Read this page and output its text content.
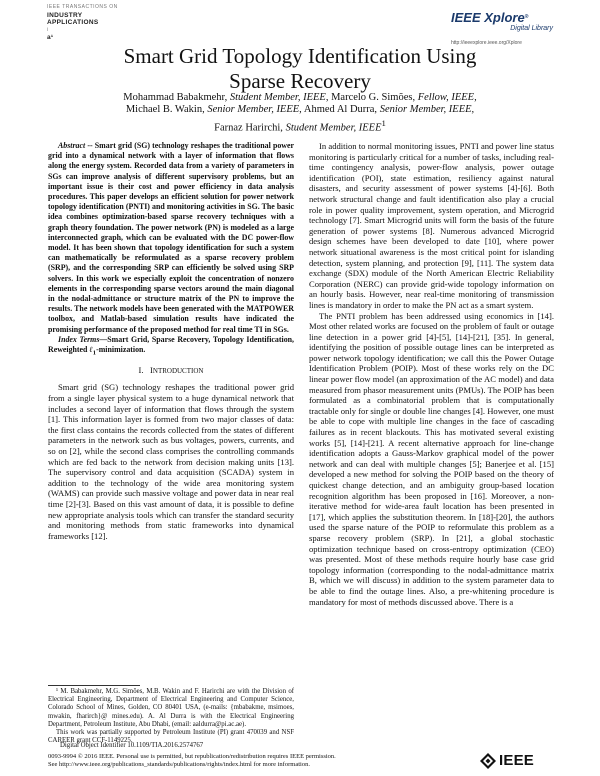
IEEE TRANSACTIONS ON
INDUSTRY
APPLICATIONS
i
a¹
IEEE Xplore®
Digital Library
http://ieeexplore.ieee.org/Xplore
Smart Grid Topology Identification Using
Sparse Recovery
Mohammad Babakmehr, Student Member, IEEE, Marcelo G. Simões, Fellow, IEEE,
Michael B. Wakin, Senior Member, IEEE, Ahmed Al Durra, Senior Member, IEEE,
Farnaz Harirchi, Student Member, IEEE$^1$

Abstract -- Smart grid (SG) technology reshapes the traditional power grid into a dynamical network with a layer of information that flows along the energy system. Recorded data from a variety of parameters in SGs can improve analysis of different supervisory problems, but an important issue is their cost and power efficiency in data analysis procedures. This paper develops an efficient solution for power network topology identification (PNTI) and monitoring activities in SG. The basic idea combines optimization-based sparse recovery techniques with a graph theory foundation. The power network (PN) is modeled as a large interconnected graph, which can be evaluated with the DC power-flow model. It has been shown that topology identification for such a system can mathematically be reformulated as a sparse recovery problem (SRP), and the corresponding SRP can efficiently be solved using SRP solvers. In this work we especially exploit the concentration of nonzero elements in the corresponding sparse vectors around the main diagonal in the nodal-admittance or structure matrix of the PN to improve the results. The network models have been generated with the MATPOWER toolbox, and Matlab-based simulation results have indicated the promising performance of the proposed method for real time TI in SGs.

Index Terms—Smart Grid, Sparse Recovery, Topology Identification, Reweighted ℓ$_1$-minimization.

I. INTRODUCTION

Smart grid (SG) technology reshapes the traditional power grid from a single layer physical system to a huge dynamical network that includes a second layer of information that flows through the system [1]. This information layer is formed from two major classes of data: the first class contains the records collected from the states of different parameters in the network such as bus voltages, powers, currents, and so on [2], while the second class comprises the controlling commands which are fed back to the network from decision making units [13]. The supervisory control and data acquisition (SCADA) system in addition to the technology of the wide area monitoring system (WAMS) can provide such massive voltage and power data in near real time [2]-[3]. Based on this vast amount of data, it is possible to define new appropriate analysis tools which can transfer the standard security and monitoring methods from static frameworks into dynamical frameworks [12].

In addition to normal monitoring issues, PNTI and power line status monitoring is particularly critical for a number of tasks, including real-time contingency analysis, power-flow analysis, power outage identification (POI), state estimation, resiliency against natural disasters, and security assessment of power systems [4]-[6]. Both network structural change and fault identification also play a crucial role in power quality improvement, system operation, and Microgrid technology [7]. Smart Microgrid units will form the basis of the future generation of power systems [8]. Numerous advanced Microgrid design schemes have been developed to date [10], where power network situational awareness is the most critical point for islanding detection, system planning, and protection [9], [11]. The system data exchange (SDX) module of the North American Electric Reliability Corporation (NERC) can provide grid-wide topology information on an hourly basis. However, near real-time monitoring of transmission lines is mandatory in order to make the PN act as a smart system.

The PNTI problem has been addressed using economics in [14]. Most other related works are focused on the problem of fault or outage line detection in a power grid [4]-[5], [14]-[21], [35]. In general, identifying the position of possible outage lines can be interpreted as power network topology identification; we call this the Power Outage Identification Problem (POIP). Most of these works rely on the DC linear power flow model (an approximation of the AC model) and data measured from phasor measurement units (PMUs). The POIP has been formulated as a combinatorial problem that is computationally tractable only for single or double line changes [4]. However, one must be able to cope with multiple line changes in the face of cascading failures as in recent blackouts. This has motivated several existing works [5], [14]-[21]. A recent alternative approach for line-change identification adopts a Gauss-Markov graphical model of the power network and can deal with multiple changes [5]; Banerjee et al. [15] developed a new method for solving the POIP based on the theory of quickest change detection, and an ambiguity group-based location recognition algorithm has been proposed in [16]. Moreover, a non-iterative method for wide-area fault location has been presented in [17], which applies the substitution theorem. In [18]-[20], the authors used the sparse nature of the POIP to reformulate this problem as a sparse recovery problem (SRP). In [21], a global stochastic optimization technique based on cross-entropy optimization (CEO) was presented. Most of these methods require hourly base case grid topology information (corresponding to the nodal-admittance matrix B, which we will discuss) in addition to the system parameter data to be able to find the outage lines. Also, a pre-whitening procedure is mandatory for most of methods discussed above. There is a

¹ M. Babakmehr, M.G. Simões, M.B. Wakin and F. Harirchi are with the Division of Electrical Engineering, Department of Electrical Engineering and Computer Science, Colorado School of Mines, Golden, CO 80401 USA, (e-mails: {mbabakme, msimoes, mwakin, fharirch}@ mines.edu). A. Al Durra is with the Electrical Engineering Department, Petroleum Institute, Abu Dhabi, (email: aaldurra@pi.ac.ae).

This work was partially supported by Petroleum Institute (PI) grant 470039 and NSF CAREER grant CCF-1149225.

Digital Object Identifier 10.1109/TIA.2016.2574767
0093-9994 © 2016 IEEE. Personal use is permitted, but republication/redistribution requires IEEE permission.
See http://www.ieee.org/publications_standards/publications/rights/index.html for more information.	IEEE
